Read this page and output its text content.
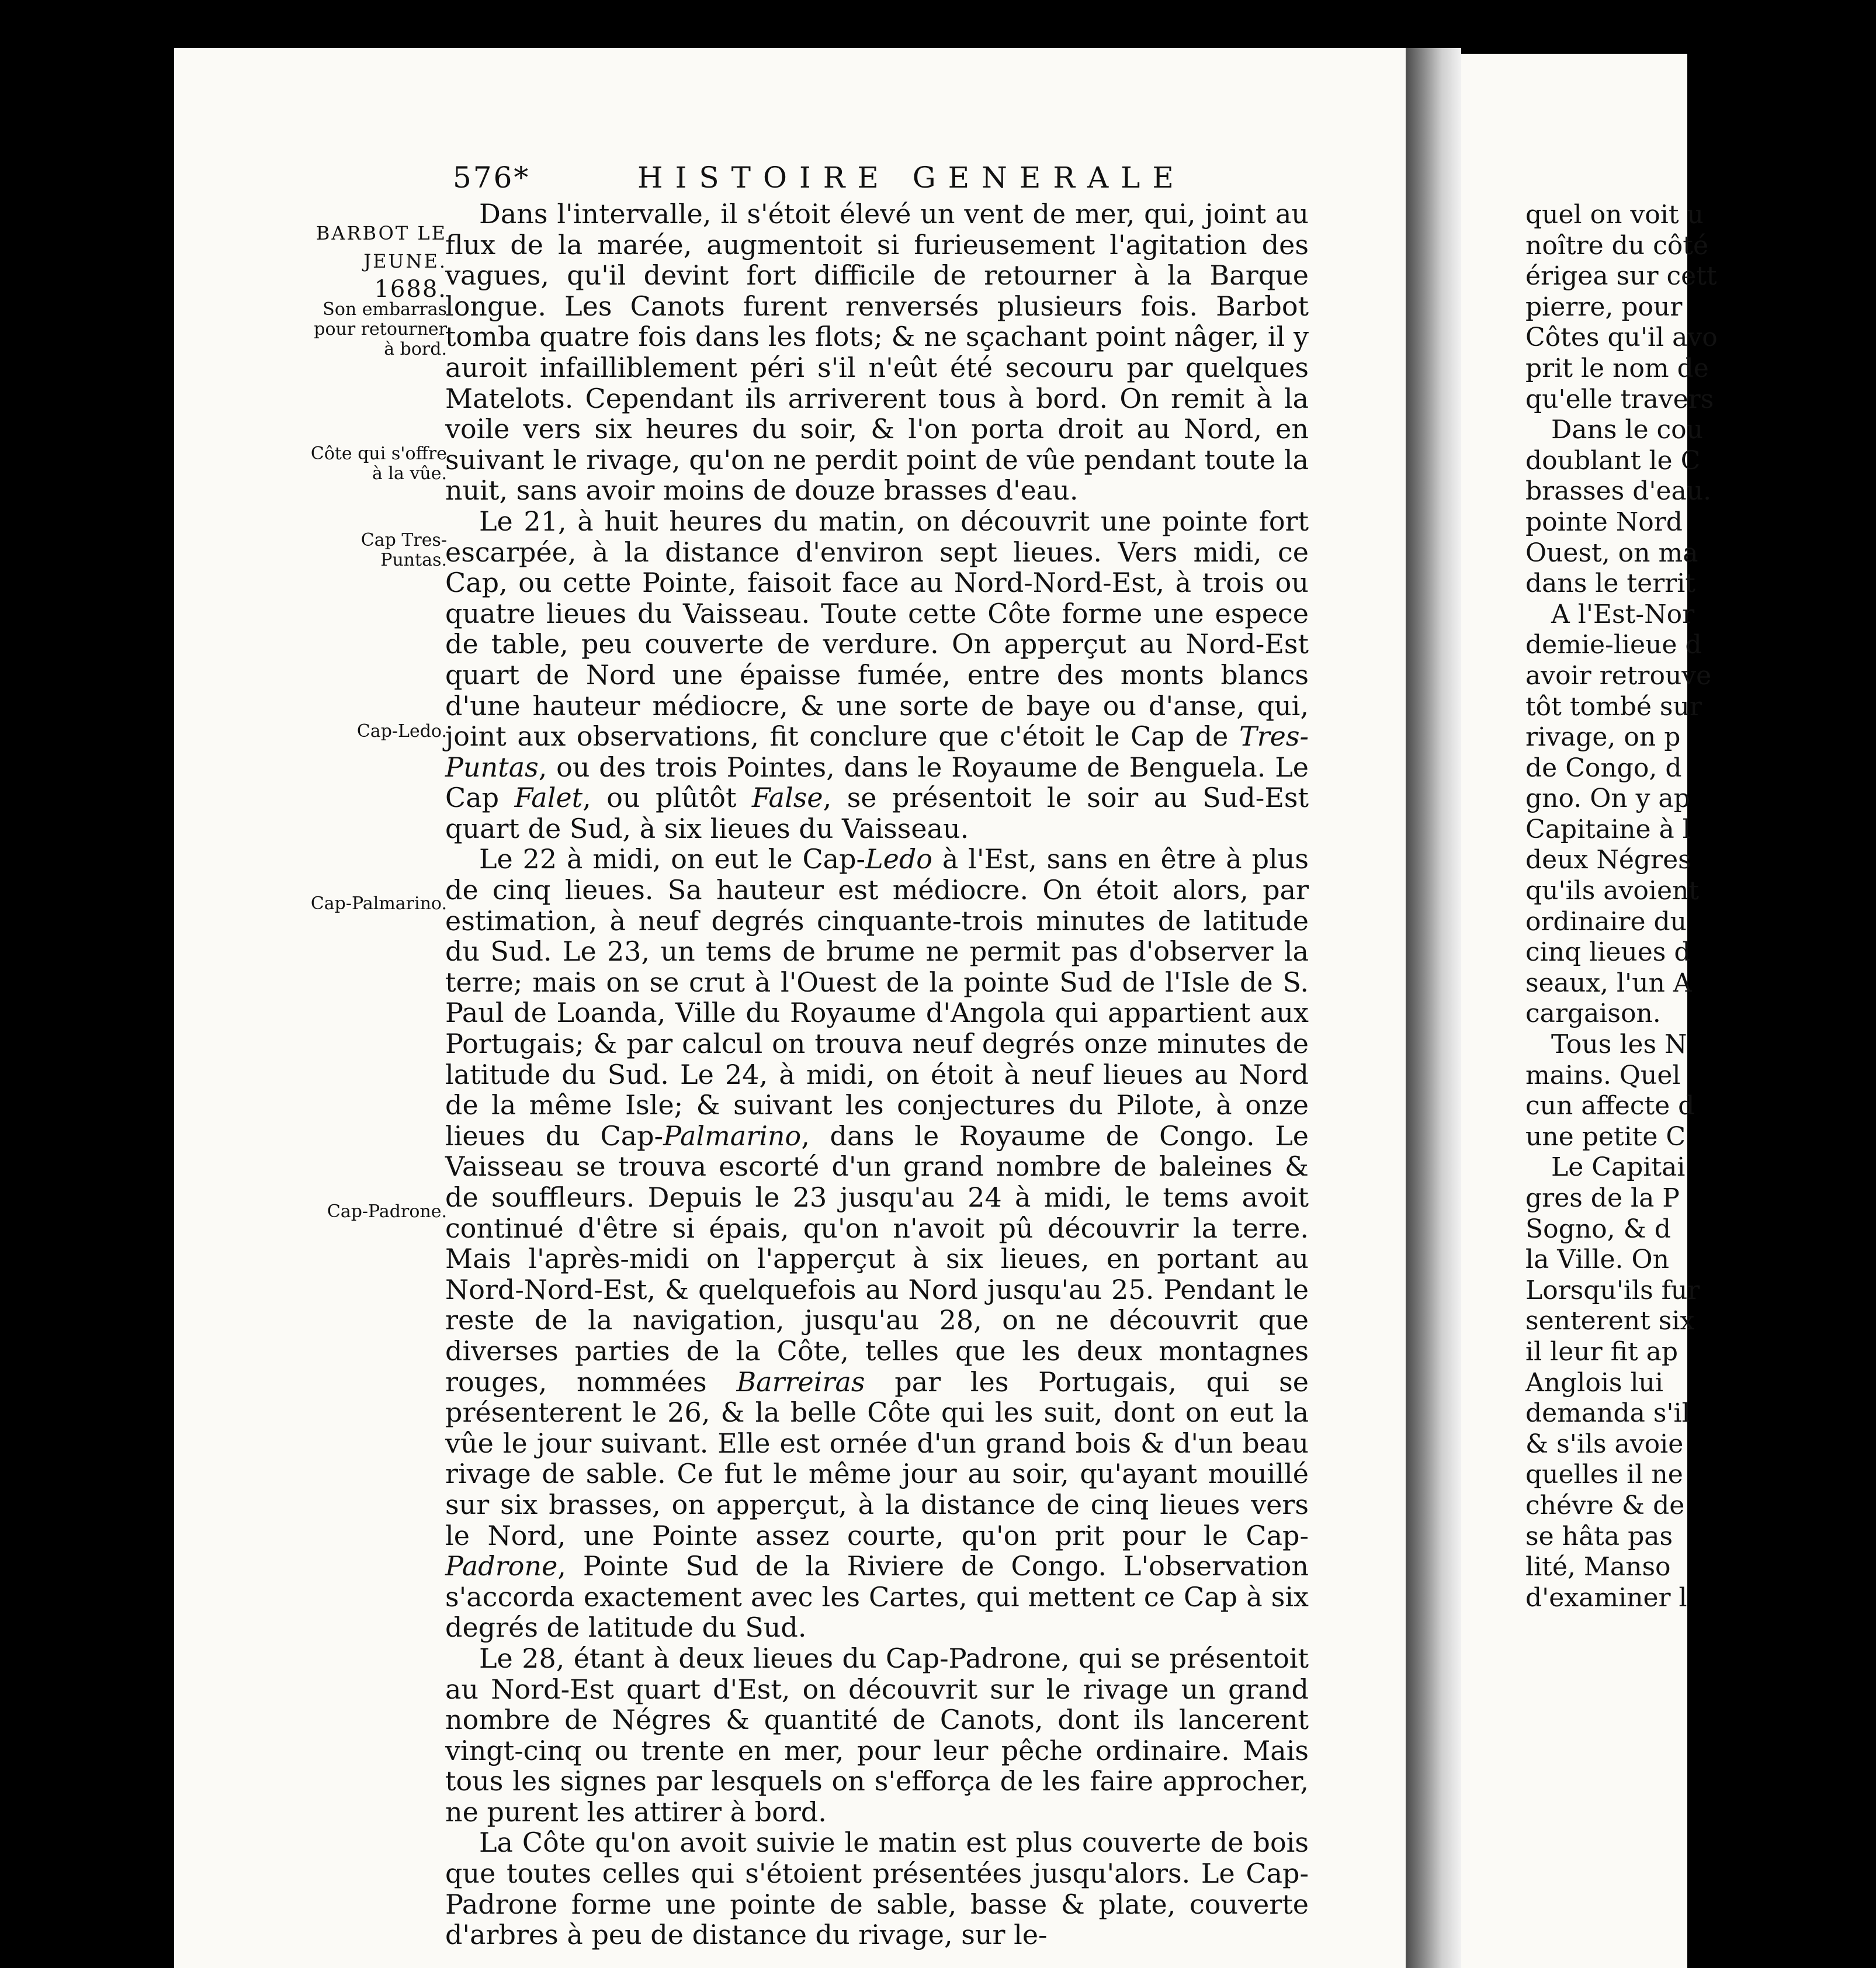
quel on voit u
noître du côté
érigea sur cett
pierre, pour
Côtes qu'il avo
prit le nom de
qu'elle travers
Dans le cou
doublant le C
brasses d'eau.
pointe Nord
Ouest, on ma
dans le territ
A l'Est-Nor
demie-lieue d
avoir retrouve
tôt tombé sur
rivage, on p
de Congo, d
gno. On y ap
Capitaine à l
deux Négres
qu'ils avoient
ordinaire du
cinq lieues d
seaux, l'un A
cargaison.
Tous les N
mains. Quel
cun affecte d
une petite C
Le Capitai
gres de la P
Sogno, & d
la Ville. On
Lorsqu'ils fur
senterent six
il leur fit ap
Anglois lui
demanda s'il
& s'ils avoie
quelles il ne
chévre & de
se hâta pas
lité, Manso
d'examiner l
576*	HISTOIRE GENERALE
BARBOT LE JEUNE.
1688.
Son embarras pour retourner à bord.
Côte qui s'offre à la vûe.
Cap Tres-Puntas.
Cap-Ledo.
Cap-Palmarino.
Cap-Padrone.

Dans l'intervalle, il s'étoit élevé un vent de mer, qui, joint au flux de la marée, augmentoit si furieusement l'agitation des vagues, qu'il devint fort difficile de retourner à la Barque longue. Les Canots furent renversés plusieurs fois. Barbot tomba quatre fois dans les flots; & ne sçachant point nâger, il y auroit infailliblement péri s'il n'eût été secouru par quelques Matelots. Cependant ils arriverent tous à bord. On remit à la voile vers six heures du soir, & l'on porta droit au Nord, en suivant le rivage, qu'on ne perdit point de vûe pendant toute la nuit, sans avoir moins de douze brasses d'eau.

Le 21, à huit heures du matin, on découvrit une pointe fort escarpée, à la distance d'environ sept lieues. Vers midi, ce Cap, ou cette Pointe, faisoit face au Nord-Nord-Est, à trois ou quatre lieues du Vaisseau. Toute cette Côte forme une espece de table, peu couverte de verdure. On apperçut au Nord-Est quart de Nord une épaisse fumée, entre des monts blancs d'une hauteur médiocre, & une sorte de baye ou d'anse, qui, joint aux observations, fit conclure que c'étoit le Cap de Tres-Puntas, ou des trois Pointes, dans le Royaume de Benguela. Le Cap Falet, ou plûtôt False, se présentoit le soir au Sud-Est quart de Sud, à six lieues du Vaisseau.

Le 22 à midi, on eut le Cap-Ledo à l'Est, sans en être à plus de cinq lieues. Sa hauteur est médiocre. On étoit alors, par estimation, à neuf degrés cinquante-trois minutes de latitude du Sud. Le 23, un tems de brume ne permit pas d'observer la terre; mais on se crut à l'Ouest de la pointe Sud de l'Isle de S. Paul de Loanda, Ville du Royaume d'Angola qui appartient aux Portugais; & par calcul on trouva neuf degrés onze minutes de latitude du Sud. Le 24, à midi, on étoit à neuf lieues au Nord de la même Isle; & suivant les conjectures du Pilote, à onze lieues du Cap-Palmarino, dans le Royaume de Congo. Le Vaisseau se trouva escorté d'un grand nombre de baleines & de souffleurs. Depuis le 23 jusqu'au 24 à midi, le tems avoit continué d'être si épais, qu'on n'avoit pû découvrir la terre. Mais l'après-midi on l'apperçut à six lieues, en portant au Nord-Nord-Est, & quelquefois au Nord jusqu'au 25. Pendant le reste de la navigation, jusqu'au 28, on ne découvrit que diverses parties de la Côte, telles que les deux montagnes rouges, nommées Barreiras par les Portugais, qui se présenterent le 26, & la belle Côte qui les suit, dont on eut la vûe le jour suivant. Elle est ornée d'un grand bois & d'un beau rivage de sable. Ce fut le même jour au soir, qu'ayant mouillé sur six brasses, on apperçut, à la distance de cinq lieues vers le Nord, une Pointe assez courte, qu'on prit pour le Cap-Padrone, Pointe Sud de la Riviere de Congo. L'observation s'accorda exactement avec les Cartes, qui mettent ce Cap à six degrés de latitude du Sud.

Le 28, étant à deux lieues du Cap-Padrone, qui se présentoit au Nord-Est quart d'Est, on découvrit sur le rivage un grand nombre de Négres & quantité de Canots, dont ils lancerent vingt-cinq ou trente en mer, pour leur pêche ordinaire. Mais tous les signes par lesquels on s'efforça de les faire approcher, ne purent les attirer à bord.

La Côte qu'on avoit suivie le matin est plus couverte de bois que toutes celles qui s'étoient présentées jusqu'alors. Le Cap-Padrone forme une pointe de sable, basse & plate, couverte d'arbres à peu de distance du rivage, sur le-
